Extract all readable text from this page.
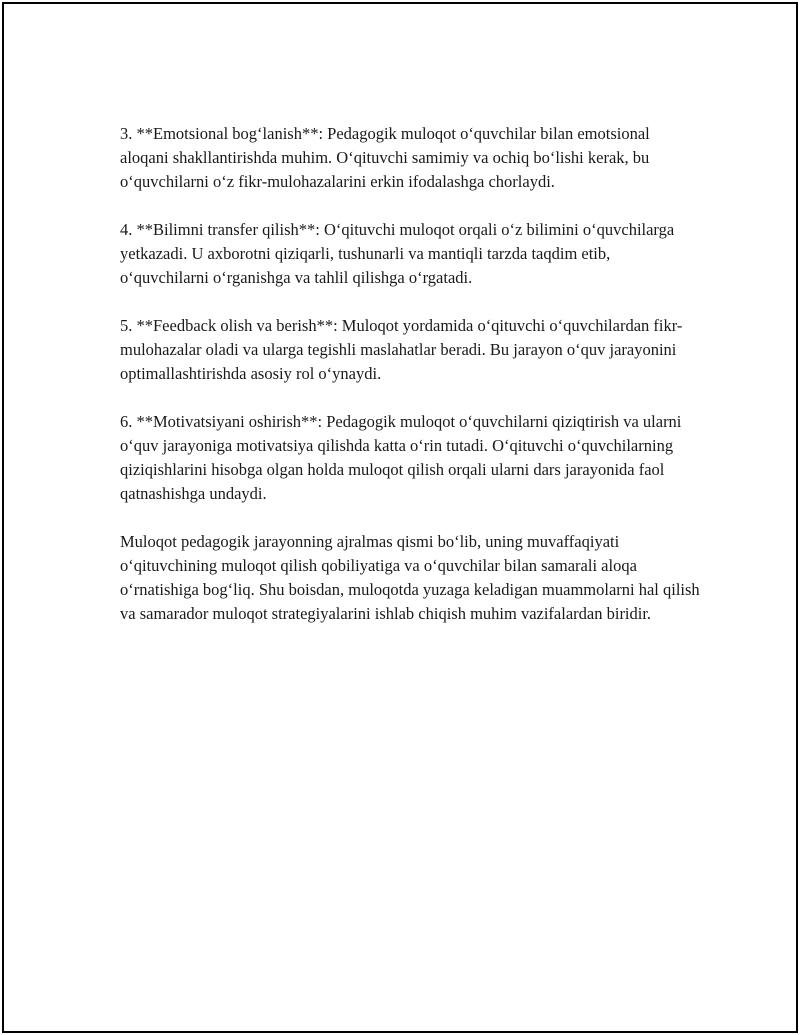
3. **Emotsional bog‘lanish**: Pedagogik muloqot o‘quvchilar bilan emotsional aloqani shakllantirishda muhim. O‘qituvchi samimiy va ochiq bo‘lishi kerak, bu o‘quvchilarni o‘z fikr-mulohazalarini erkin ifodalashga chorlaydi.

4. **Bilimni transfer qilish**: O‘qituvchi muloqot orqali o‘z bilimini o‘quvchilarga yetkazadi. U axborotni qiziqarli, tushunarli va mantiqli tarzda taqdim etib, o‘quvchilarni o‘rganishga va tahlil qilishga o‘rgatadi.

5. **Feedback olish va berish**: Muloqot yordamida o‘qituvchi o‘quvchilardan fikr-mulohazalar oladi va ularga tegishli maslahatlar beradi. Bu jarayon o‘quv jarayonini optimallashtirishda asosiy rol o‘ynaydi.

6. **Motivatsiyani oshirish**: Pedagogik muloqot o‘quvchilarni qiziqtirish va ularni o‘quv jarayoniga motivatsiya qilishda katta o‘rin tutadi. O‘qituvchi o‘quvchilarning qiziqishlarini hisobga olgan holda muloqot qilish orqali ularni dars jarayonida faol qatnashishga undaydi.

Muloqot pedagogik jarayonning ajralmas qismi bo‘lib, uning muvaffaqiyati o‘qituvchining muloqot qilish qobiliyatiga va o‘quvchilar bilan samarali aloqa o‘rnatishiga bog‘liq. Shu boisdan, muloqotda yuzaga keladigan muammolarni hal qilish va samarador muloqot strategiyalarini ishlab chiqish muhim vazifalardan biridir.
